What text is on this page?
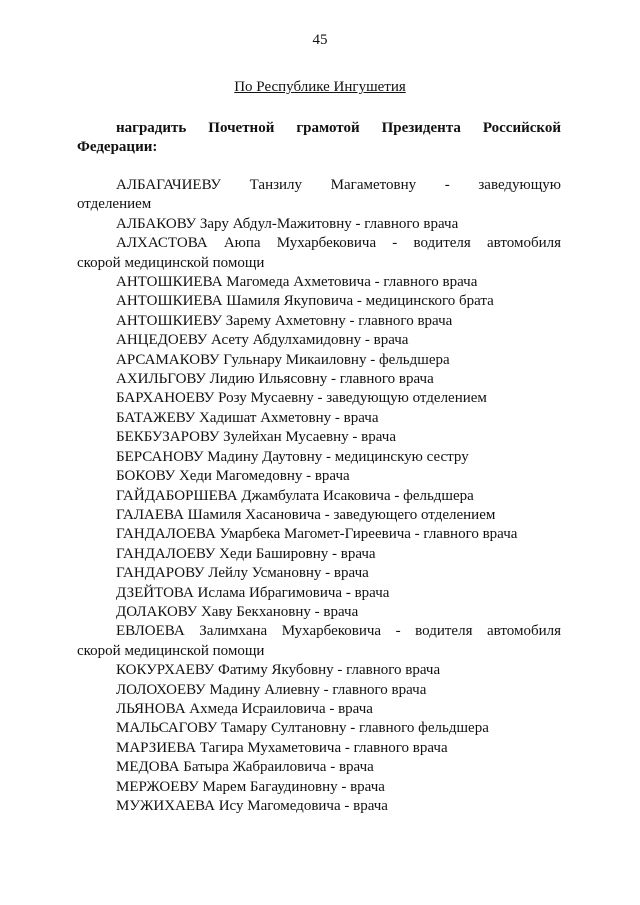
45
По Республике Ингушетия
наградить Почетной грамотой Президента Российской
Федерации:
АЛБАГАЧИЕВУ Танзилу Магаметовну - заведующую
отделением
АЛБАКОВУ Зару Абдул-Мажитовну - главного врача
АЛХАСТОВА Аюпа Мухарбековича - водителя автомобиля
скорой медицинской помощи
АНТОШКИЕВА Магомеда Ахметовича - главного врача
АНТОШКИЕВА Шамиля Якуповича - медицинского брата
АНТОШКИЕВУ Зарему Ахметовну - главного врача
АНЦЕДОЕВУ Асету Абдулхамидовну - врача
АРСАМАКОВУ Гульнару Микаиловну - фельдшера
АХИЛЬГОВУ Лидию Ильясовну - главного врача
БАРХАНОЕВУ Розу Мусаевну - заведующую отделением
БАТАЖЕВУ Хадишат Ахметовну - врача
БЕКБУЗАРОВУ Зулейхан Мусаевну - врача
БЕРСАНОВУ Мадину Даутовну - медицинскую сестру
БОКОВУ Хеди Магомедовну - врача
ГАЙДАБОРШЕВА Джамбулата Исаковича - фельдшера
ГАЛАЕВА Шамиля Хасановича - заведующего отделением
ГАНДАЛОЕВА Умарбека Магомет-Гиреевича - главного врача
ГАНДАЛОЕВУ Хеди Башировну - врача
ГАНДАРОВУ Лейлу Усмановну - врача
ДЗЕЙТОВА Ислама Ибрагимовича - врача
ДОЛАКОВУ Хаву Бекхановну - врача
ЕВЛОЕВА Залимхана Мухарбековича - водителя автомобиля
скорой медицинской помощи
КОКУРХАЕВУ Фатиму Якубовну - главного врача
ЛОЛОХОЕВУ Мадину Алиевну - главного врача
ЛЬЯНОВА Ахмеда Исраиловича - врача
МАЛЬСАГОВУ Тамару Султановну - главного фельдшера
МАРЗИЕВА Тагира Мухаметовича - главного врача
МЕДОВА Батыра Жабраиловича - врача
МЕРЖОЕВУ Марем Багаудиновну - врача
МУЖИХАЕВА Ису Магомедовича - врача
